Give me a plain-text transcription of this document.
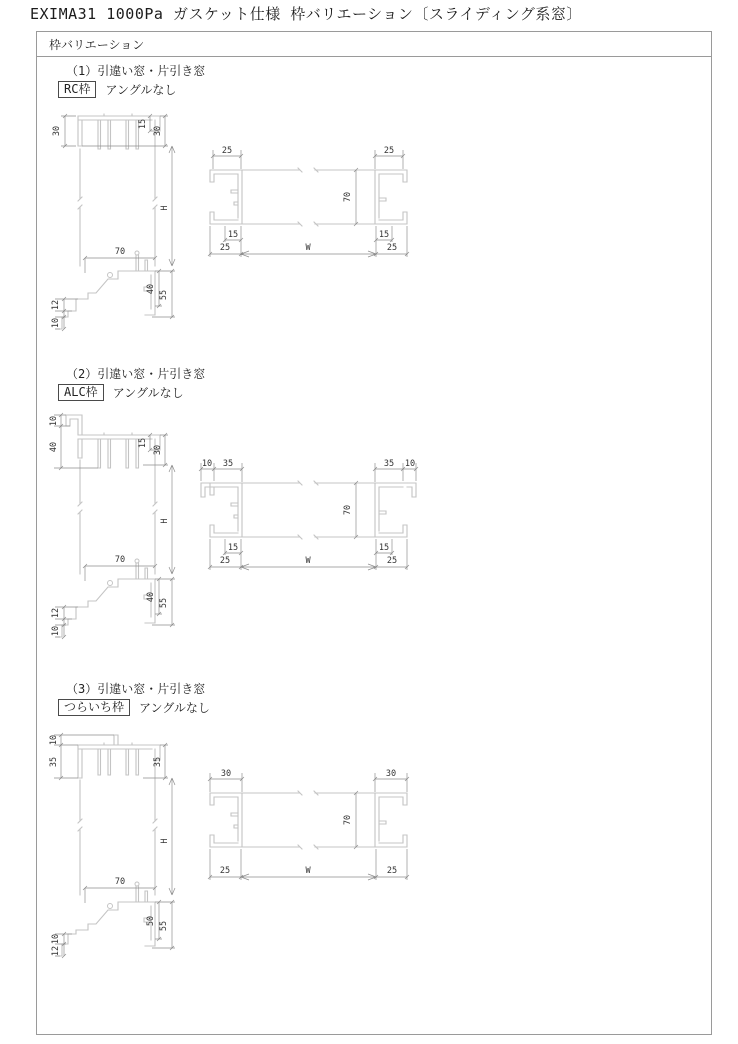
EXIMA31 1000Pa ガスケット仕様 枠バリエーション〔スライディング系窓〕
枠バリエーション
（1）引違い窓・片引き窓
RC枠	アングルなし
30
15
30
H
70
40
55
12
10
25	25
70
15	15
25	W	25
（2）引違い窓・片引き窓
ALC枠	アングルなし
10
40	15
30
H
70
40
55
12
10
10 35	35 10
70
15	15
25	W	25
（3）引違い窓・片引き窓
つらいち枠	アングルなし
10
35	35
H
70
50 55
10
12
30	30
70
25	W	25
